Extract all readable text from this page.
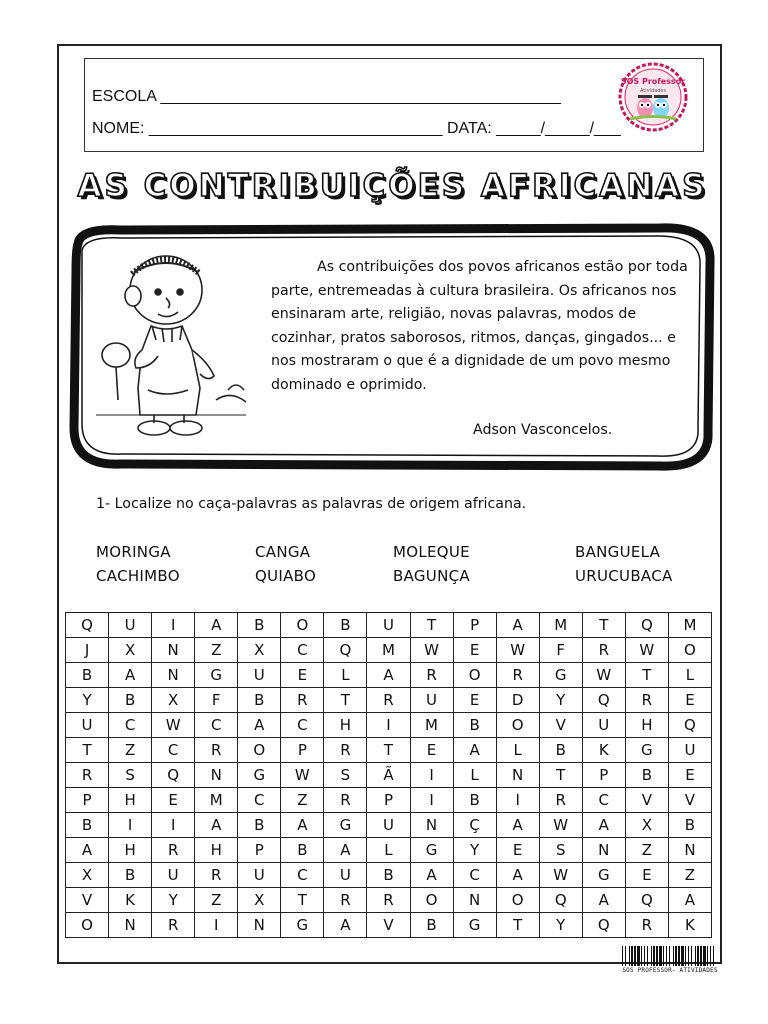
ESCOLA _____________________________________________
NOME: _________________________________ DATA: _____/_____/___
SOS Professor
Atividades
AS CONTRIBUIÇÕES AFRICANAS

As contribuições dos povos africanos estão por toda parte, entremeadas à cultura brasileira. Os africanos nos ensinaram arte, religião, novas palavras, modos de cozinhar, pratos saborosos, ritmos, danças, gingados... e nos mostraram o que é a dignidade de um povo mesmo dominado e oprimido.

Adson Vasconcelos.
1- Localize no caça-palavras as palavras de origem africana.
MORINGA
CACHIMBO
CANGA
QUIABO
MOLEQUE
BAGUNÇA
BANGUELA
URUCUBACA
Q	U	I	A	B	O	B	U	T	P	A	M	T	Q	M
J	X	N	Z	X	C	Q	M	W	E	W	F	R	W	O
B	A	N	G	U	E	L	A	R	O	R	G	W	T	L
Y	B	X	F	B	R	T	R	U	E	D	Y	Q	R	E
U	C	W	C	A	C	H	I	M	B	O	V	U	H	Q
T	Z	C	R	O	P	R	T	E	A	L	B	K	G	U
R	S	Q	N	G	W	S	Ã	I	L	N	T	P	B	E
P	H	E	M	C	Z	R	P	I	B	I	R	C	V	V
B	I	I	A	B	A	G	U	N	Ç	A	W	A	X	B
A	H	R	H	P	B	A	L	G	Y	E	S	N	Z	N
X	B	U	R	U	C	U	B	A	C	A	W	G	E	Z
V	K	Y	Z	X	T	R	R	O	N	O	Q	A	Q	A
O	N	R	I	N	G	A	V	B	G	T	Y	Q	R	K
SOS PROFESSOR- ATIVIDADES
